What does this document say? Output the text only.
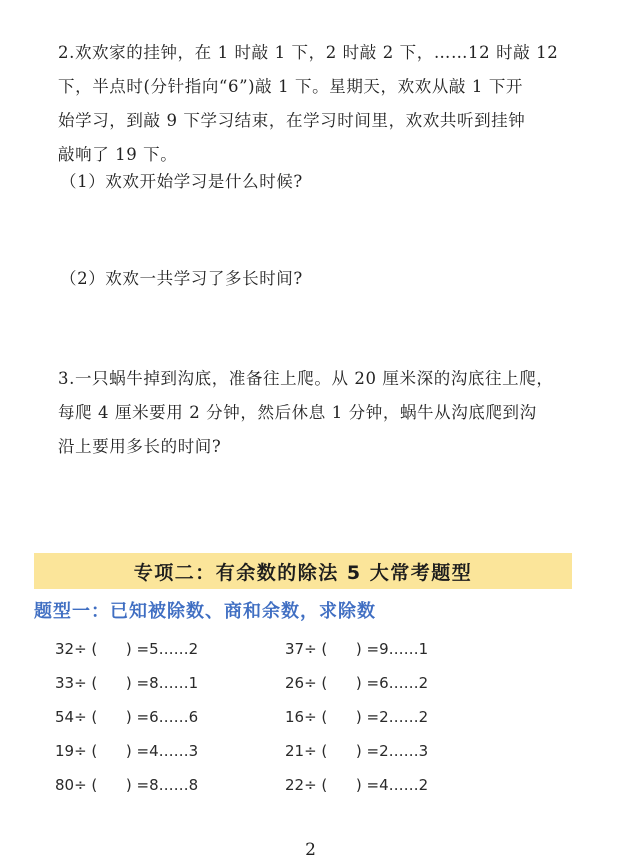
2.欢欢家的挂钟，在 1 时敲 1 下，2 时敲 2 下，……12 时敲 12

下，半点时(分针指向“6”)敲 1 下。星期天，欢欢从敲 1 下开

始学习，到敲 9 下学习结束，在学习时间里，欢欢共听到挂钟

敲响了 19 下。

（1）欢欢开始学习是什么时候?
（2）欢欢一共学习了多长时间?

3.一只蜗牛掉到沟底，准备往上爬。从 20 厘米深的沟底往上爬，

每爬 4 厘米要用 2 分钟，然后休息 1 分钟，蜗牛从沟底爬到沟

沿上要用多长的时间?

专项二：有余数的除法 5 大常考题型
题型一：已知被除数、商和余数，求除数
32÷ (      ) =5……2	37÷ (      ) =9……1
33÷ (      ) =8……1	26÷ (      ) =6……2
54÷ (      ) =6……6	16÷ (      ) =2……2
19÷ (      ) =4……3	21÷ (      ) =2……3
80÷ (      ) =8……8	22÷ (      ) =4……2
2
